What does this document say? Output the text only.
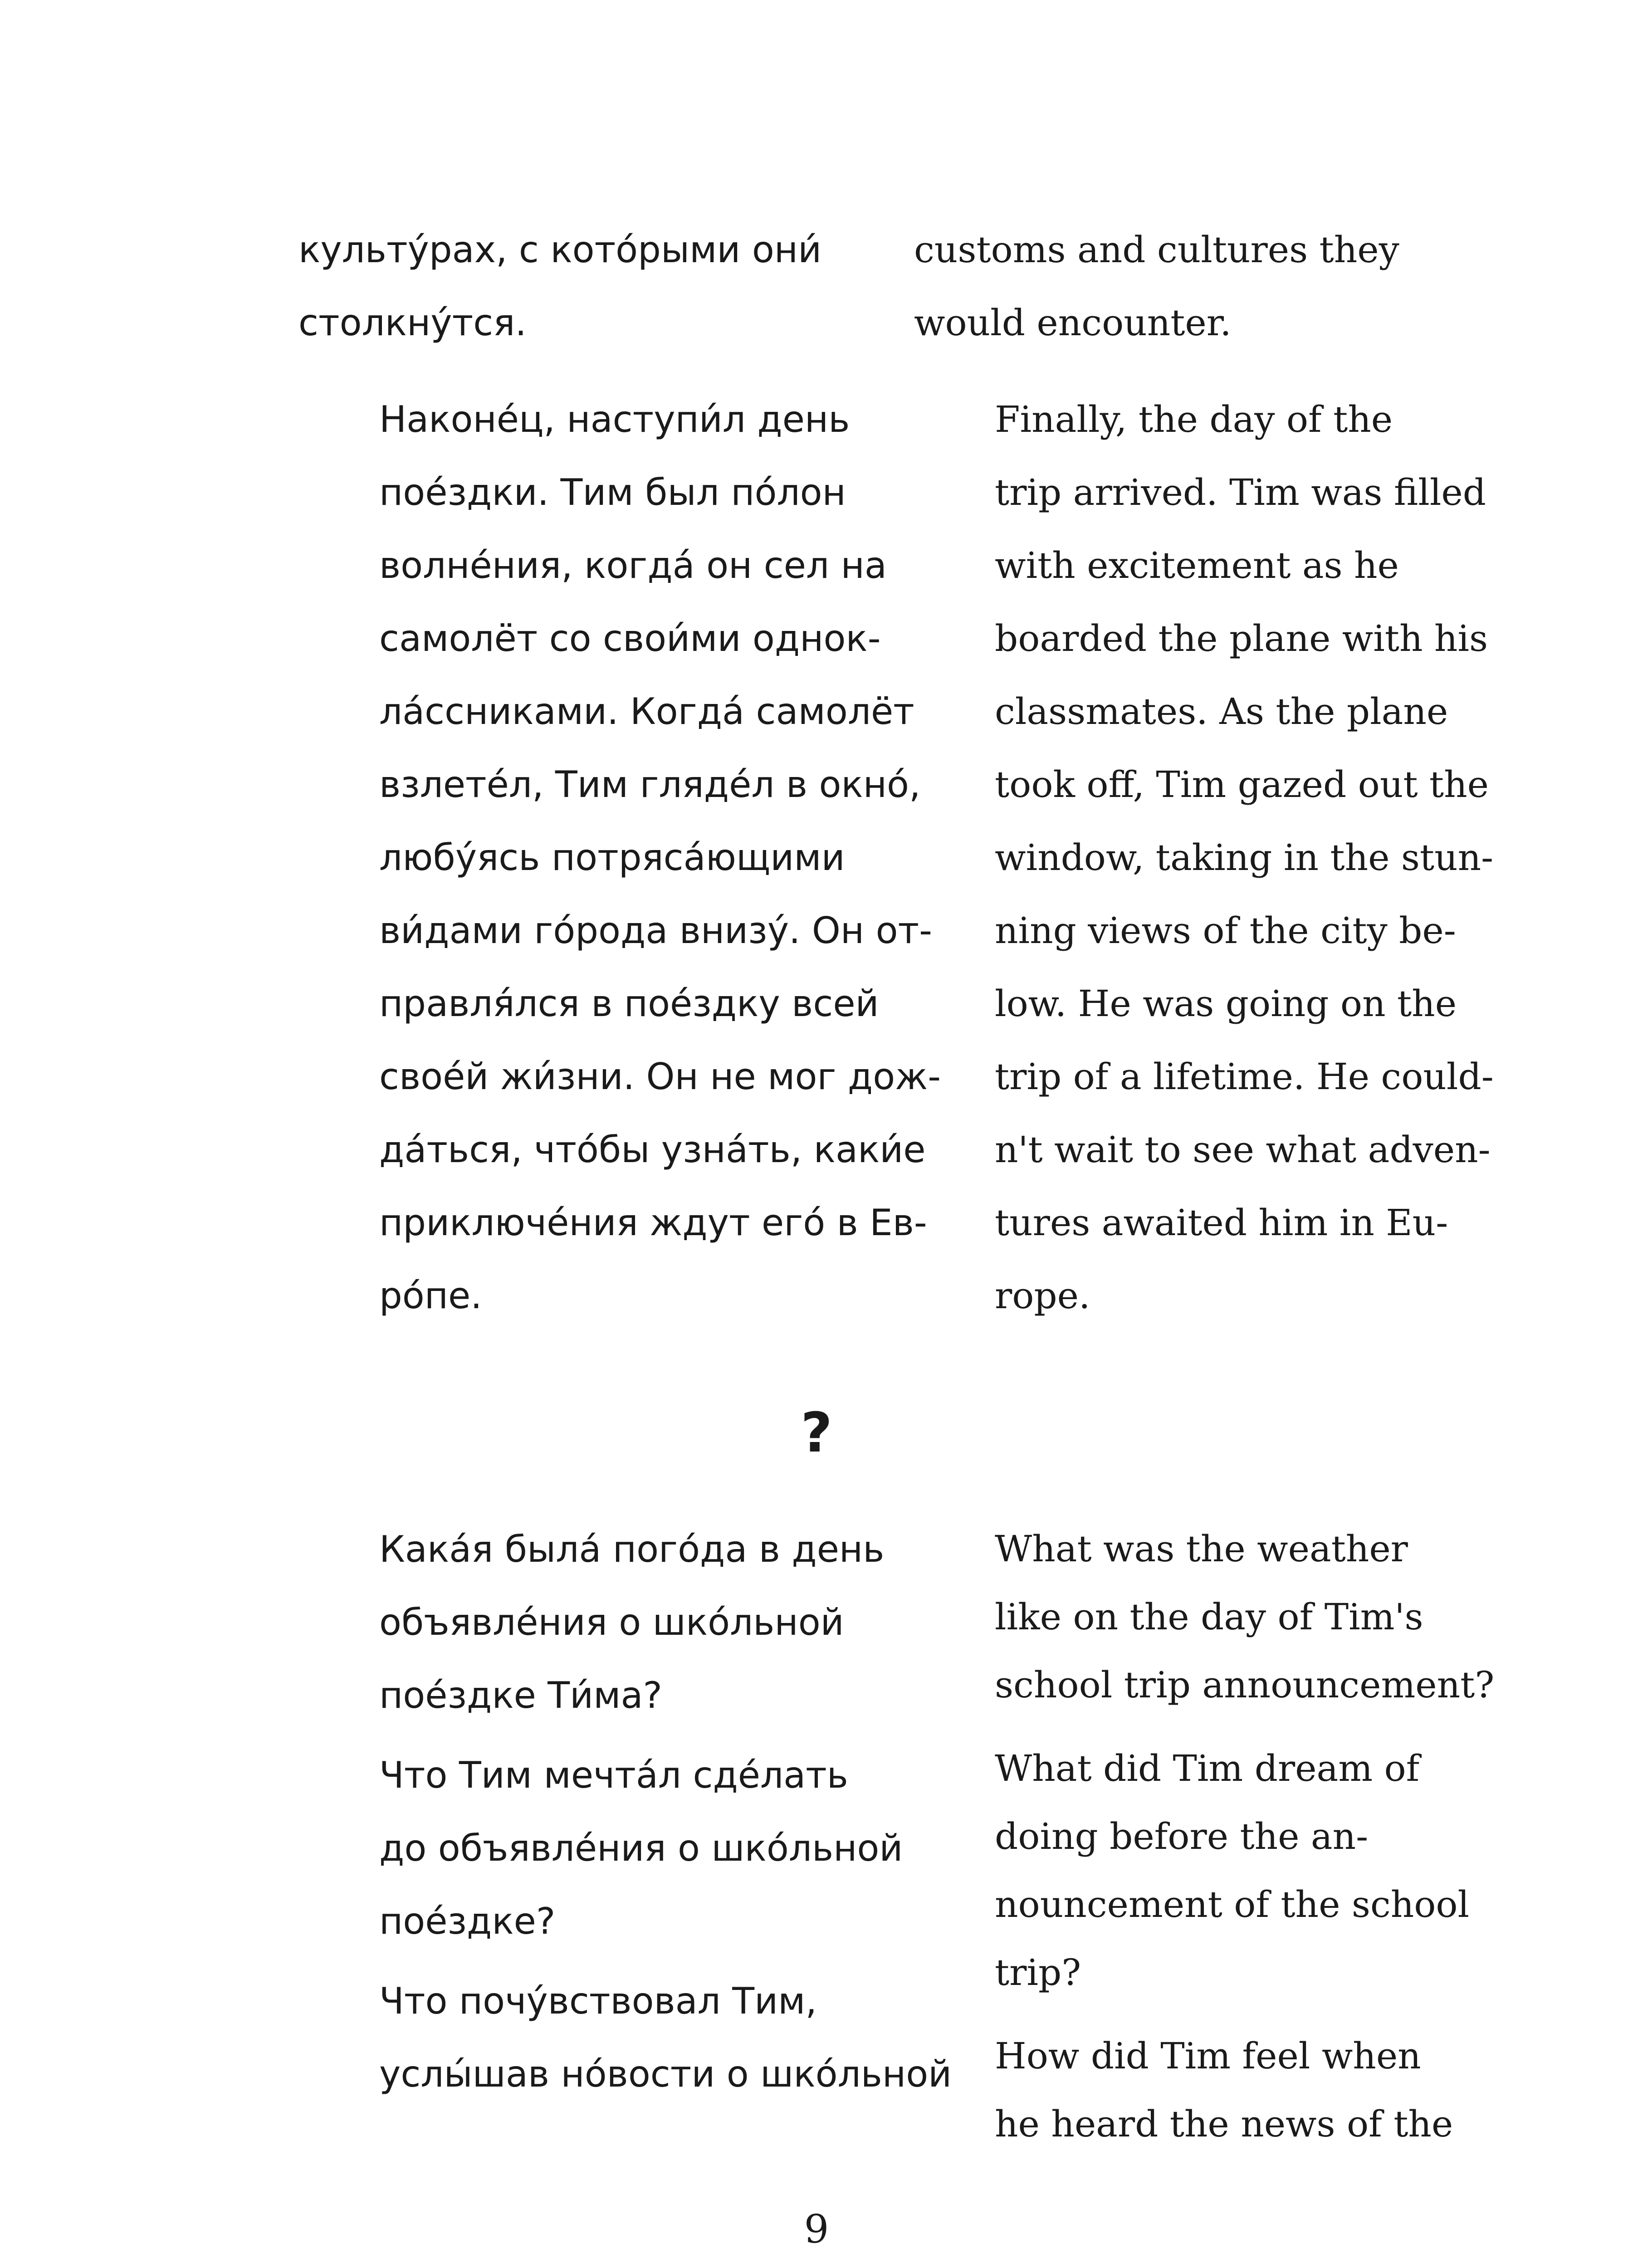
культу́рах, с кото́рыми они́
столкну́тся.

Наконе́ц, наступи́л день
пое́здки. Тим был по́лон
волне́ния, когда́ он сел на
самолёт со свои́ми однок-
ла́ссниками. Когда́ самолёт
взлете́л, Тим гляде́л в окно́,
любу́ясь потряса́ющими
ви́дами го́рода внизу́. Он от-
правля́лся в пое́здку всей
свое́й жи́зни. Он не мог дож-
да́ться, что́бы узна́ть, каки́е
приключе́ния ждут его́ в Ев-
ро́пе.

customs and cultures they
would encounter.

Finally, the day of the
trip arrived. Tim was filled
with excitement as he
boarded the plane with his
classmates. As the plane
took off, Tim gazed out the
window, taking in the stun-
ning views of the city be-
low. He was going on the
trip of a lifetime. He could-
n't wait to see what adven-
tures awaited him in Eu-
rope.

?

Кака́я была́ пого́да в день
объявле́ния о шко́льной
пое́здке Ти́ма?

Что Тим мечта́л сде́лать
до объявле́ния о шко́льной
пое́здке?

Что почу́вствовал Тим,
услы́шав но́вости о шко́льной

What was the weather
like on the day of Tim's
school trip announcement?

What did Tim dream of
doing before the an-
nouncement of the school
trip?

How did Tim feel when
he heard the news of the

9
